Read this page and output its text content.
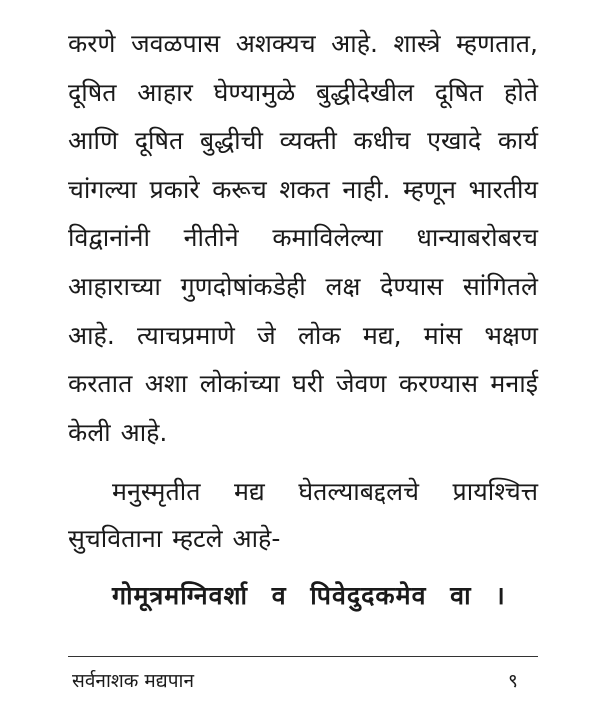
करणे जवळपास अशक्यच आहे. शास्त्रे म्हणतात, दूषित आहार घेण्यामुळे बुद्धीदेखील दूषित होते आणि दूषित बुद्धीची व्यक्ती कधीच एखादे कार्य चांगल्या प्रकारे करूच शकत नाही. म्हणून भारतीय विद्वानांनी नीतीने कमाविलेल्या धान्याबरोबरच आहाराच्या गुणदोषांकडेही लक्ष देण्यास सांगितले आहे. त्याचप्रमाणे जे लोक मद्य, मांस भक्षण करतात अशा लोकांच्या घरी जेवण करण्यास मनाई केली आहे.

मनुस्मृतीत मद्य घेतल्याबद्दलचे प्रायश्चित्त सुचविताना म्हटले आहे-

गोमूत्रमग्निवर्शा व पिवेदुदकमेव वा ।

सर्वनाशक मद्यपान	९
